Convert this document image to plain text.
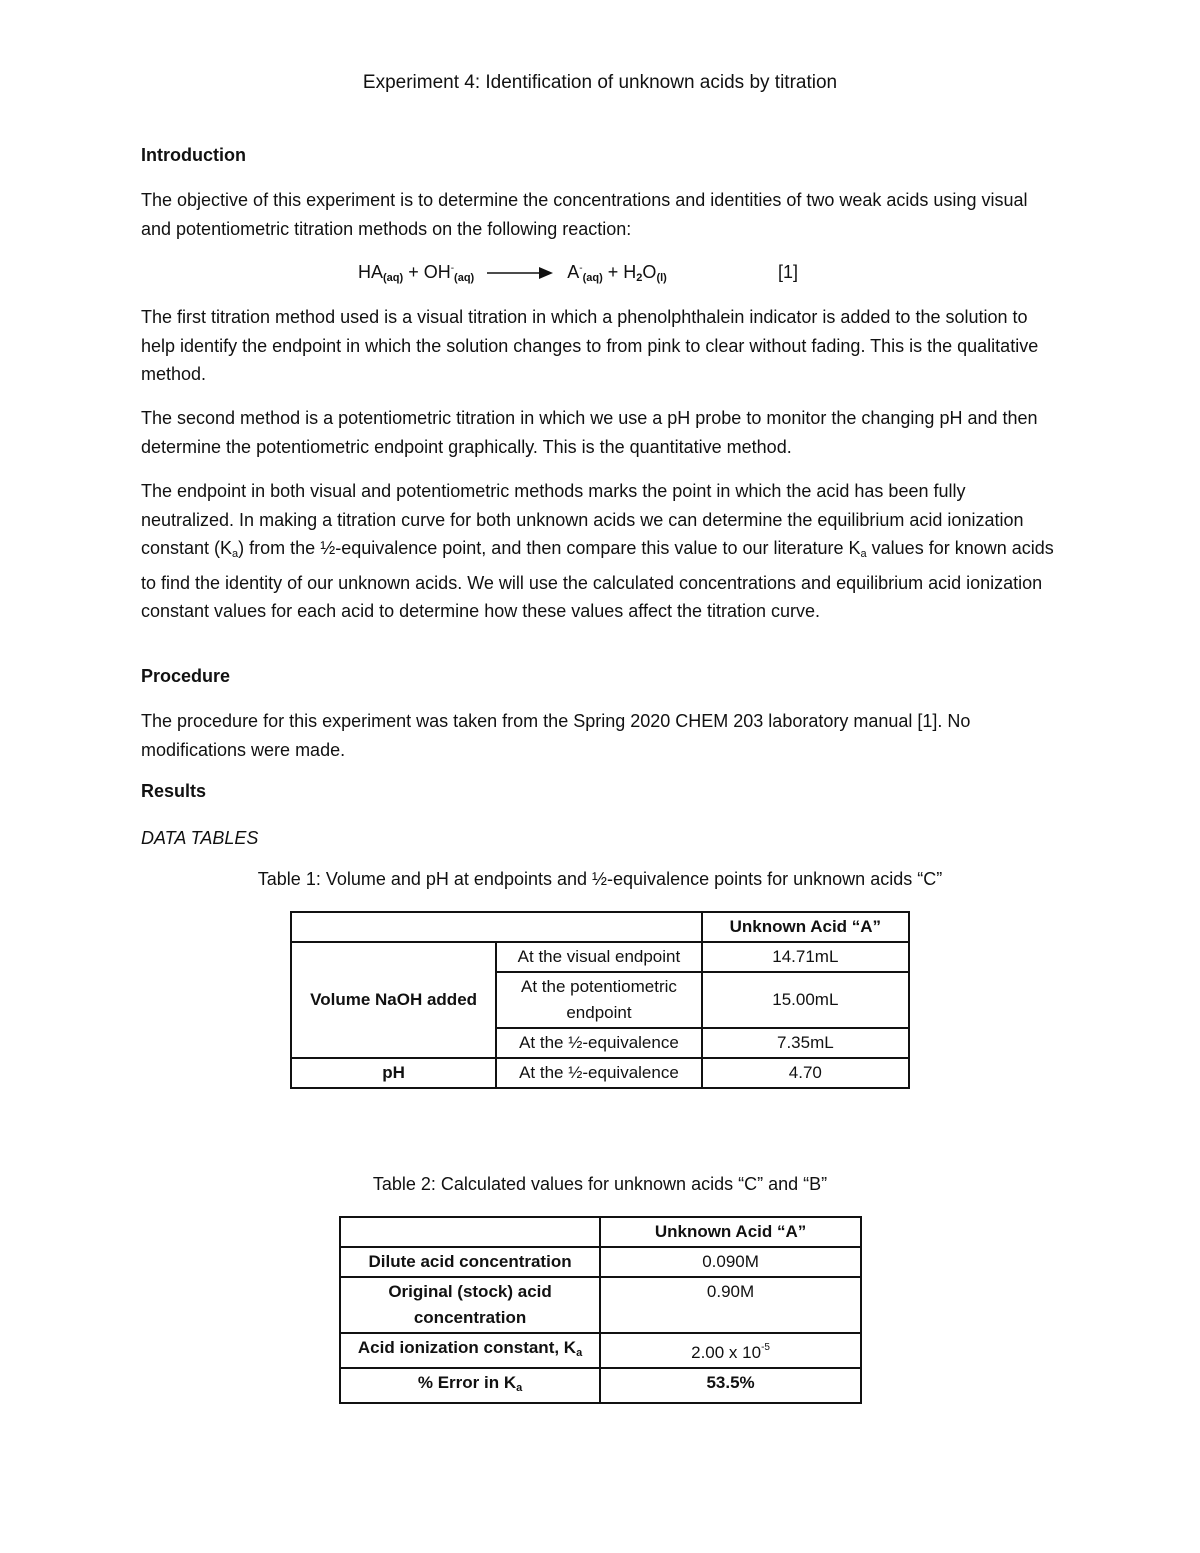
Experiment 4: Identification of unknown acids by titration
Introduction

The objective of this experiment is to determine the concentrations and identities of two weak acids using visual and potentiometric titration methods on the following reaction:

$HA_{(aq)} + OH^-_{(aq)} \to A^-_{(aq)} + H_2O_{(l)}$	[1]

The first titration method used is a visual titration in which a phenolphthalein indicator is added to the solution to help identify the endpoint in which the solution changes to from pink to clear without fading. This is the qualitative method.

The second method is a potentiometric titration in which we use a pH probe to monitor the changing pH and then determine the potentiometric endpoint graphically. This is the quantitative method.

The endpoint in both visual and potentiometric methods marks the point in which the acid has been fully neutralized. In making a titration curve for both unknown acids we can determine the equilibrium acid ionization constant (Ka) from the ½-equivalence point, and then compare this value to our literature Ka values for known acids to find the identity of our unknown acids. We will use the calculated concentrations and equilibrium acid ionization constant values for each acid to determine how these values affect the titration curve.

Procedure

The procedure for this experiment was taken from the Spring 2020 CHEM 203 laboratory manual [1]. No modifications were made.

Results
DATA TABLES
Table 1: Volume and pH at endpoints and ½-equivalence points for unknown acids “C”
		Unknown Acid “A”
Volume NaOH added	At the visual endpoint	14.71mL
	At the potentiometric endpoint	15.00mL
	At the ½-equivalence	7.35mL
pH	At the ½-equivalence	4.70
Table 2: Calculated values for unknown acids “C” and “B”
	Unknown Acid “A”
Dilute acid concentration	0.090M
Original (stock) acid concentration	0.90M
Acid ionization constant, Ka	2.00 x $10^{-5}$
% Error in Ka	53.5%
